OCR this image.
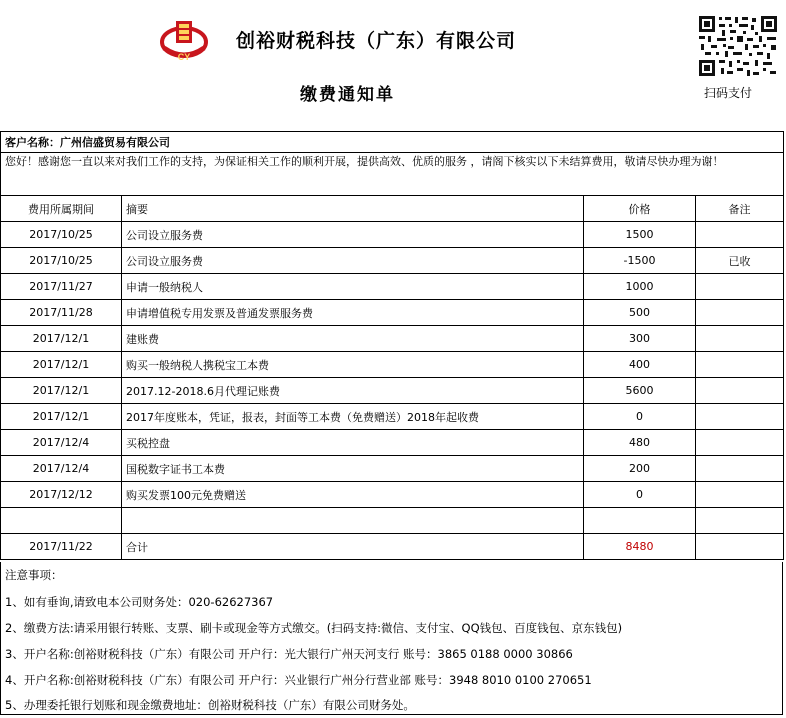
CY
创裕财税科技（广东）有限公司
缴费通知单	扫码支付
客户名称：广州信盛贸易有限公司			
您好！感谢您一直以来对我们工作的支持，为保证相关工作的顺利开展，提供高效、优质的服务 ，请阁下核实以下未结算费用，敬请尽快办理为谢！			
费用所属期间	摘要	价格	备注
2017/10/25	公司设立服务费	1500	
2017/10/25	公司设立服务费	-1500	已收
2017/11/27	申请一般纳税人	1000	
2017/11/28	申请增值税专用发票及普通发票服务费	500	
2017/12/1	建账费	300	
2017/12/1	购买一般纳税人携税宝工本费	400	
2017/12/1	2017.12-2018.6月代理记账费	5600	
2017/12/1	2017年度账本，凭证，报表，封面等工本费（免费赠送）2018年起收费	0	
2017/12/4	买税控盘	480	
2017/12/4	国税数字证书工本费	200	
2017/12/12	购买发票100元免费赠送	0	

2017/11/22	合计	8480	
注意事项：
1、如有垂询,请致电本公司财务处：020-62627367
2、缴费方法:请采用银行转账、支票、刷卡或现金等方式缴交。(扫码支持:微信、支付宝、QQ钱包、百度钱包、京东钱包)
3、开户名称:创裕财税科技（广东）有限公司 开户行：光大银行广州天河支行 账号：3865 0188 0000 30866
4、开户名称:创裕财税科技（广东）有限公司 开户行：兴业银行广州分行营业部 账号：3948 8010 0100 270651
5、办理委托银行划账和现金缴费地址：创裕财税科技（广东）有限公司财务处。
